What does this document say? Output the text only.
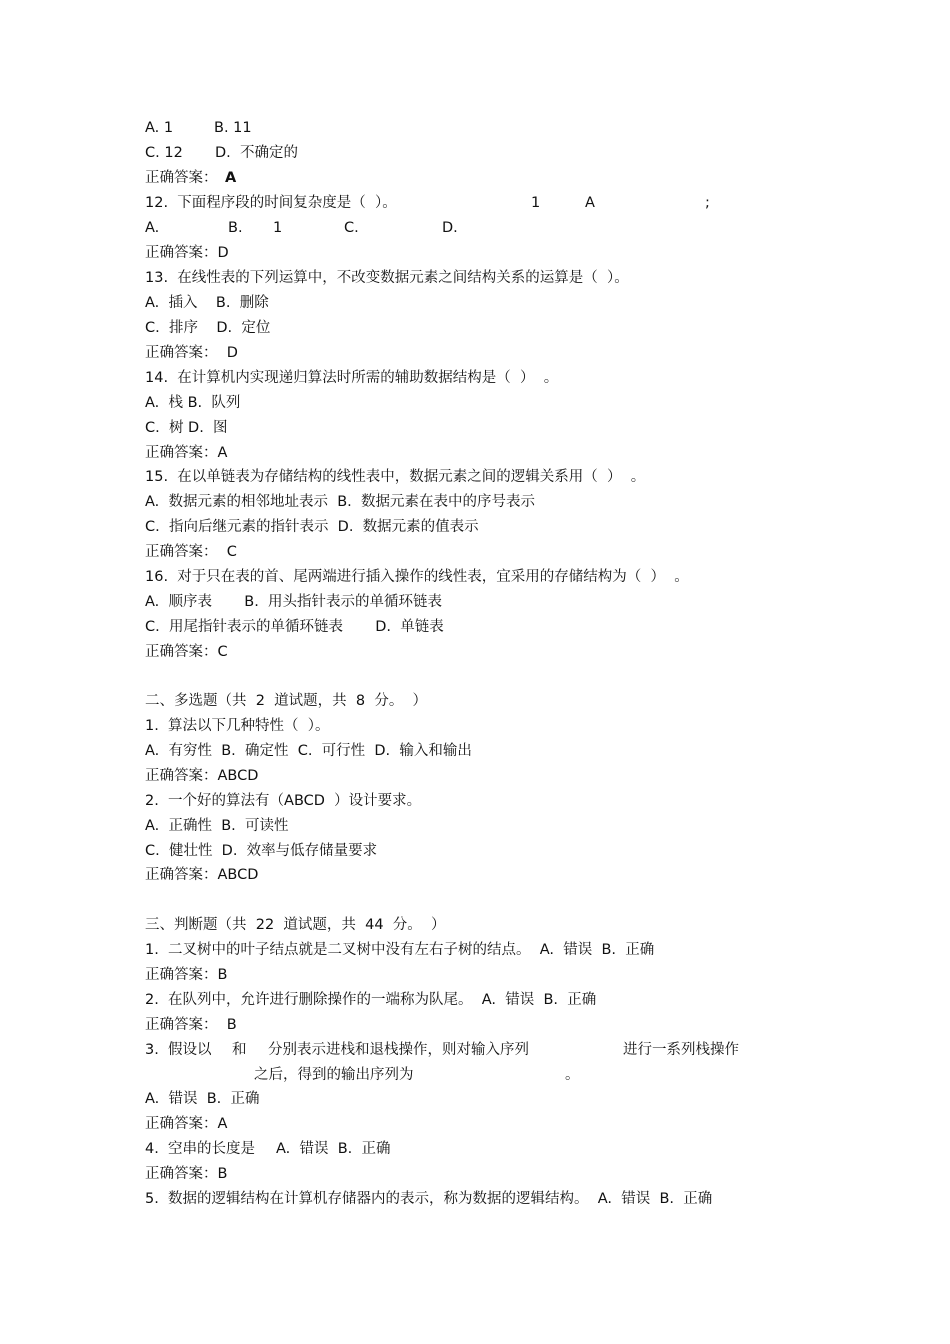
A. 1

	B. 11

C. 12

D.  不确定的

正确答案：

A

12.  下面程序段的时间复杂度是（  ）。

	1

	A

	;

A.

	B.

1

	C.

	D.

正确答案：D
13.  在线性表的下列运算中，不改变数据元素之间结构关系的运算是（  ）。
A.  插入    B.  删除
C.  排序    D.  定位
正确答案：  D
14.  在计算机内实现递归算法时所需的辅助数据结构是（  ）  。
A.  栈 B.  队列
C.  树 D.  图
正确答案：A
15.  在以单链表为存储结构的线性表中，数据元素之间的逻辑关系用（  ）  。
A.  数据元素的相邻地址表示  B.  数据元素在表中的序号表示
C.  指向后继元素的指针表示  D.  数据元素的值表示
正确答案：  C
16.  对于只在表的首、尾两端进行插入操作的线性表，宜采用的存储结构为（  ）  。
A.  顺序表       B.  用头指针表示的单循环链表
C.  用尾指针表示的单循环链表       D.  单链表
正确答案：C
二、多选题（共  2  道试题，共  8  分。  ）
1.  算法以下几种特性（  ）。
A.  有穷性  B.  确定性  C.  可行性  D.  输入和输出
正确答案：ABCD
2.  一个好的算法有（ABCD  ）设计要求。
A.  正确性  B.  可读性
C.  健壮性  D.  效率与低存储量要求
正确答案：ABCD
三、判断题（共  22  道试题，共  44  分。  ）
1.  二叉树中的叶子结点就是二叉树中没有左右子树的结点。  A.  错误  B.  正确
正确答案：B
2.  在队列中，允许进行删除操作的一端称为队尾。  A.  错误  B.  正确
正确答案：  B

3.  假设以

和

分别表示进栈和退栈操作，则对输入序列

	进行一系列栈操作

之后，得到的输出序列为

	。

A.  错误  B.  正确
正确答案：A

4.  空串的长度是

A.  错误  B.  正确

正确答案：B
5.  数据的逻辑结构在计算机存储器内的表示，称为数据的逻辑结构。  A.  错误  B.  正确
